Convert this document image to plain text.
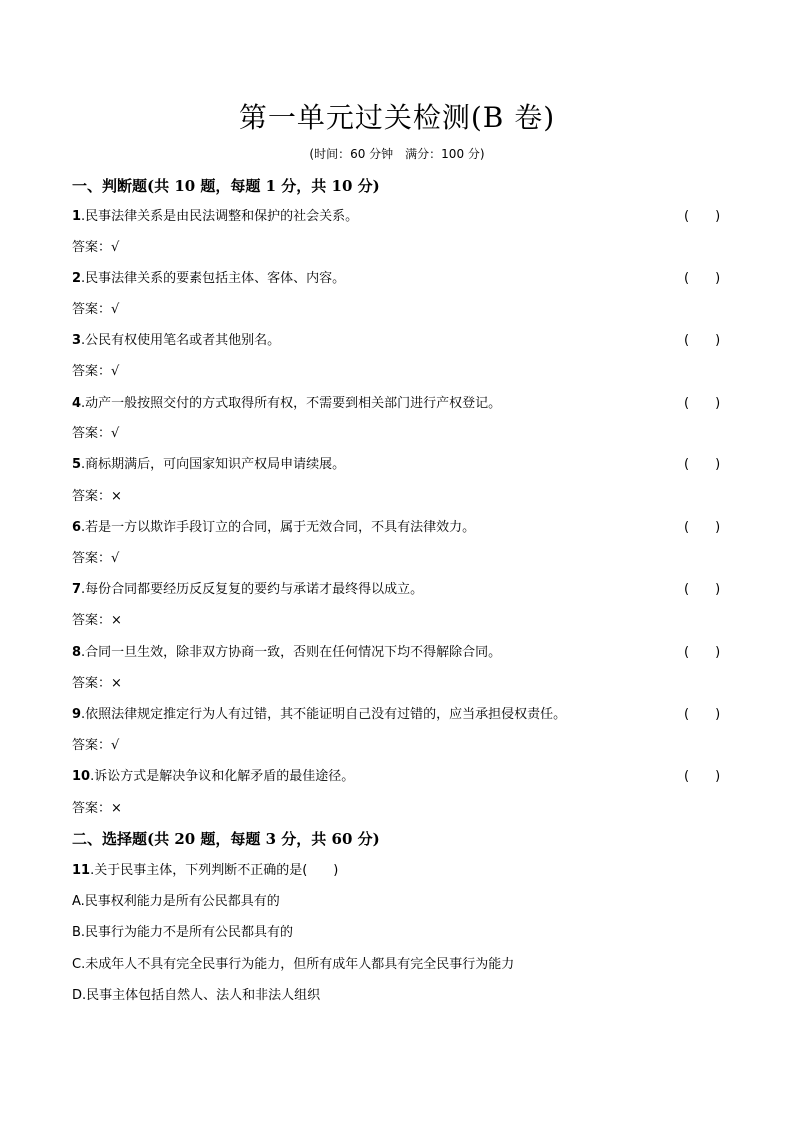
第一单元过关检测(B 卷)
(时间：60 分钟　满分：100 分)
一、判断题(共 10 题，每题 1 分，共 10 分)
1.民事法律关系是由民法调整和保护的社会关系。	(　　)
答案：√
2.民事法律关系的要素包括主体、客体、内容。	(　　)
答案：√
3.公民有权使用笔名或者其他别名。	(　　)
答案：√
4.动产一般按照交付的方式取得所有权，不需要到相关部门进行产权登记。	(　　)
答案：√
5.商标期满后，可向国家知识产权局申请续展。	(　　)
答案：×
6.若是一方以欺诈手段订立的合同，属于无效合同，不具有法律效力。	(　　)
答案：√
7.每份合同都要经历反反复复的要约与承诺才最终得以成立。	(　　)
答案：×
8.合同一旦生效，除非双方协商一致，否则在任何情况下均不得解除合同。	(　　)
答案：×
9.依照法律规定推定行为人有过错，其不能证明自己没有过错的，应当承担侵权责任。	(　　)
答案：√
10.诉讼方式是解决争议和化解矛盾的最佳途径。	(　　)
答案：×
二、选择题(共 20 题，每题 3 分，共 60 分)
11.关于民事主体，下列判断不正确的是(　　)
A.民事权利能力是所有公民都具有的
B.民事行为能力不是所有公民都具有的
C.未成年人不具有完全民事行为能力，但所有成年人都具有完全民事行为能力
D.民事主体包括自然人、法人和非法人组织
